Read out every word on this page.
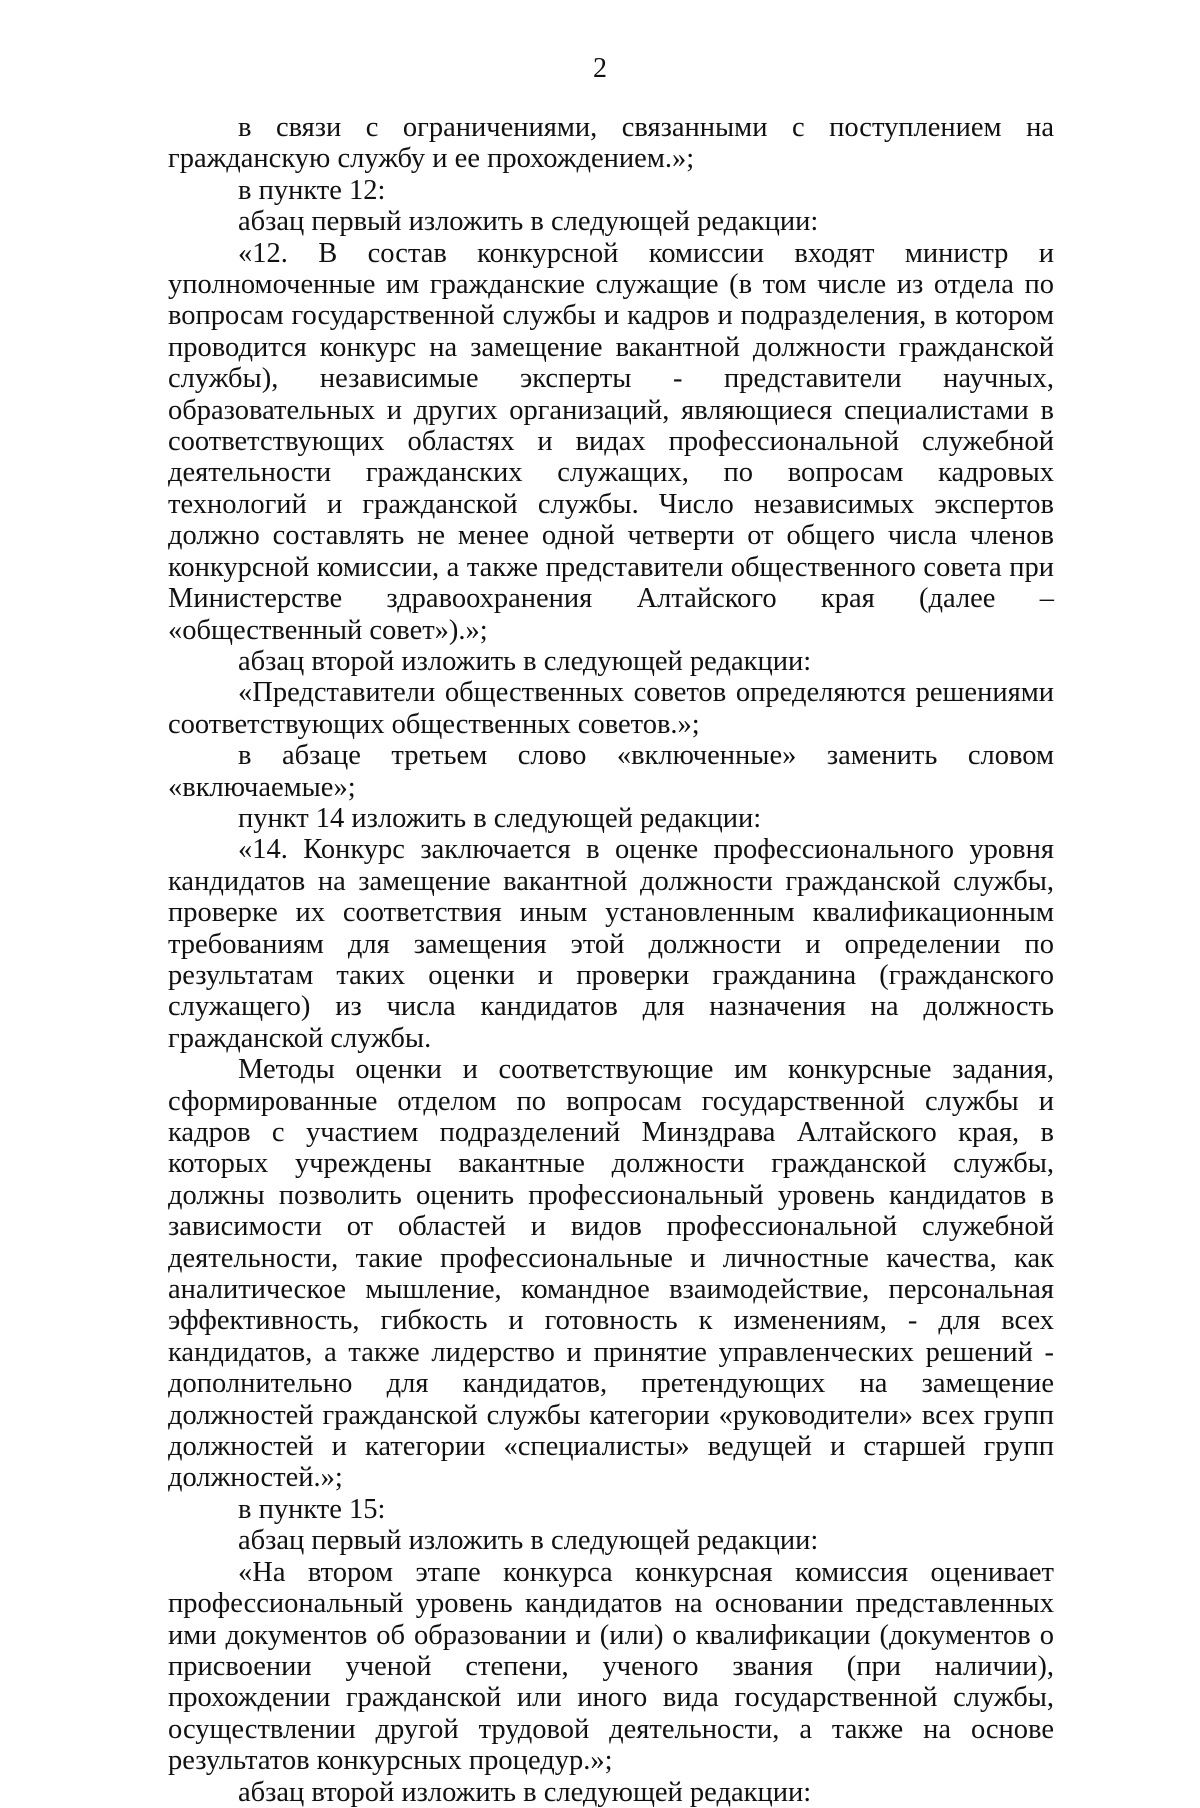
2

в связи с ограничениями, связанными с поступлением на гражданскую службу и ее прохождением.»;

в пункте 12:

абзац первый изложить в следующей редакции:

«12. В состав конкурсной комиссии входят министр и уполномоченные им гражданские служащие (в том числе из отдела по вопросам государственной службы и кадров и подразделения, в котором проводится конкурс на замещение вакантной должности гражданской службы), независимые эксперты - представители научных, образовательных и других организаций, являющиеся специалистами в соответствующих областях и видах профессиональной служебной деятельности гражданских служащих, по вопросам кадровых технологий и гражданской службы. Число независимых экспертов должно составлять не менее одной четверти от общего числа членов конкурсной комиссии, а также представители общественного совета при Министерстве здравоохранения Алтайского края (далее – «общественный совет»).»;

абзац второй изложить в следующей редакции:

«Представители общественных советов определяются решениями соответствующих общественных советов.»;

в абзаце третьем слово «включенные» заменить словом «включаемые»;

пункт 14 изложить в следующей редакции:

«14. Конкурс заключается в оценке профессионального уровня кандидатов на замещение вакантной должности гражданской службы, проверке их соответствия иным установленным квалификационным требованиям для замещения этой должности и определении по результатам таких оценки и проверки гражданина (гражданского служащего) из числа кандидатов для назначения на должность гражданской службы.

Методы оценки и соответствующие им конкурсные задания, сформированные отделом по вопросам государственной службы и кадров с участием подразделений Минздрава Алтайского края, в которых учреждены вакантные должности гражданской службы, должны позволить оценить профессиональный уровень кандидатов в зависимости от областей и видов профессиональной служебной деятельности, такие профессиональные и личностные качества, как аналитическое мышление, командное взаимодействие, персональная эффективность, гибкость и готовность к изменениям, - для всех кандидатов, а также лидерство и принятие управленческих решений - дополнительно для кандидатов, претендующих на замещение должностей гражданской службы категории «руководители» всех групп должностей и категории «специалисты» ведущей и старшей групп должностей.»;

в пункте 15:

абзац первый изложить в следующей редакции:

«На втором этапе конкурса конкурсная комиссия оценивает профессиональный уровень кандидатов на основании представленных ими документов об образовании и (или) о квалификации (документов о присвоении ученой степени, ученого звания (при наличии), прохождении гражданской или иного вида государственной службы, осуществлении другой трудовой деятельности, а также на основе результатов конкурсных процедур.»;

абзац второй изложить в следующей редакции:
